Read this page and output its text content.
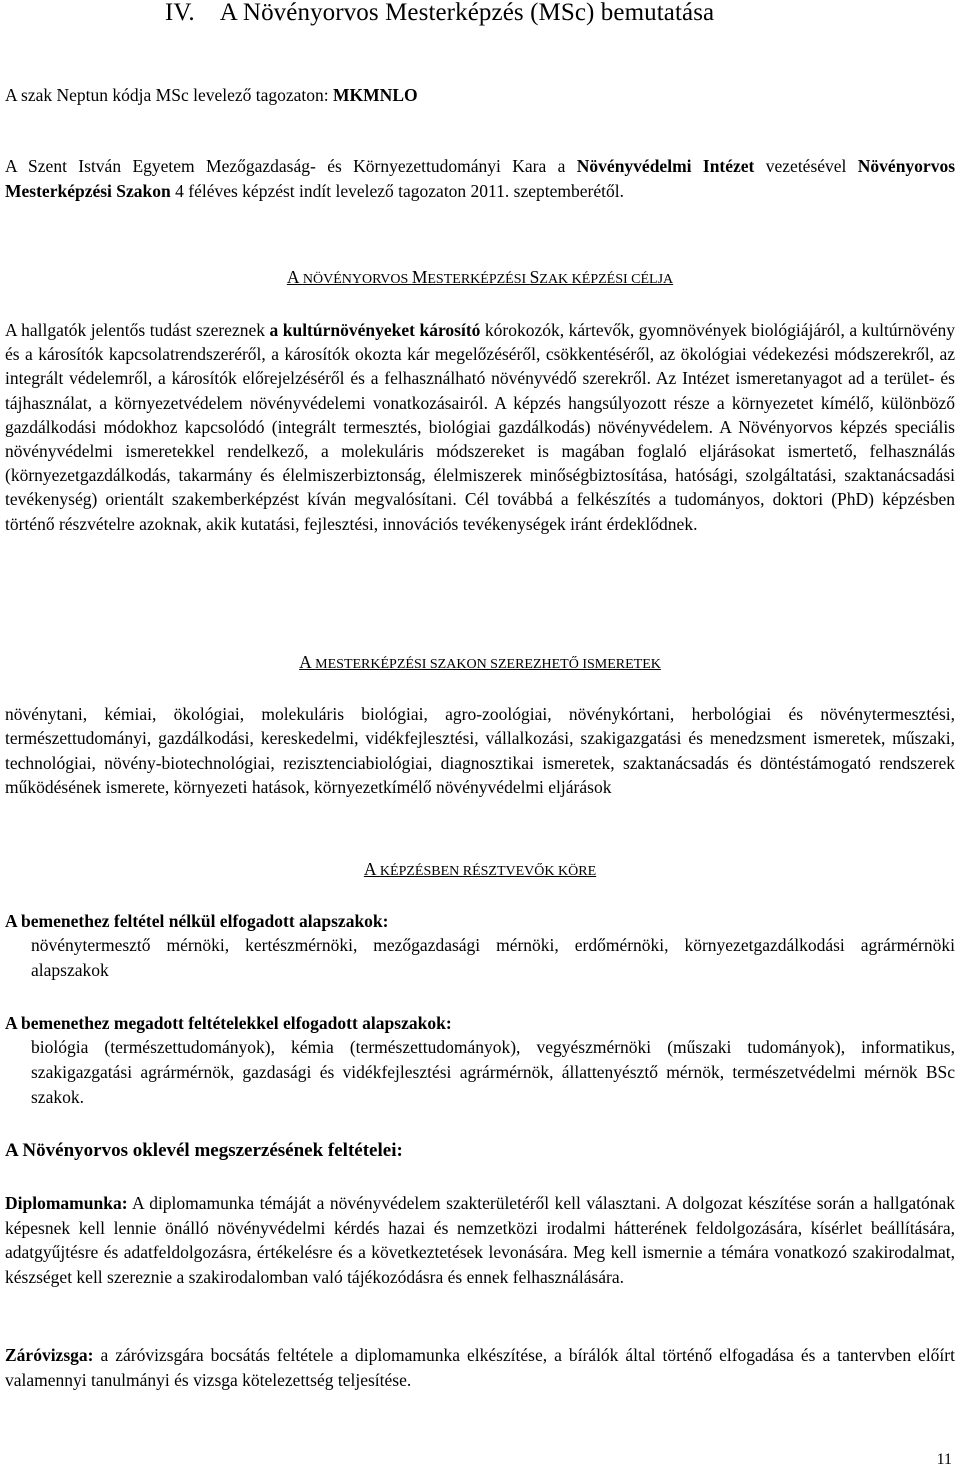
IV. A Növényorvos Mesterképzés (MSc) bemutatása

A szak Neptun kódja MSc levelező tagozaton: MKMNLO

A Szent István Egyetem Mezőgazdaság- és Környezettudományi Kara a Növényvédelmi Intézet vezetésével Növényorvos Mesterképzési Szakon 4 féléves képzést indít levelező tagozaton 2011. szeptemberétől.

A NÖVÉNYORVOS MESTERKÉPZÉSI SZAK KÉPZÉSI CÉLJA

A hallgatók jelentős tudást szereznek a kultúrnövényeket károsító kórokozók, kártevők, gyomnövények biológiájáról, a kultúrnövény és a károsítók kapcsolatrendszeréről, a károsítók okozta kár megelőzéséről, csökkentéséről, az ökológiai védekezési módszerekről, az integrált védelemről, a károsítók előrejelzéséről és a felhasználható növényvédő szerekről. Az Intézet ismeretanyagot ad a terület- és tájhasználat, a környezetvédelem növényvédelemi vonatkozásairól. A képzés hangsúlyozott része a környezetet kímélő, különböző gazdálkodási módokhoz kapcsolódó (integrált termesztés, biológiai gazdálkodás) növényvédelem. A Növényorvos képzés speciális növényvédelmi ismeretekkel rendelkező, a molekuláris módszereket is magában foglaló eljárásokat ismertető, felhasználás (környezetgazdálkodás, takarmány és élelmiszerbiztonság, élelmiszerek minőségbiztosítása, hatósági, szolgáltatási, szaktanácsadási tevékenység) orientált szakemberképzést kíván megvalósítani. Cél továbbá a felkészítés a tudományos, doktori (PhD) képzésben történő részvételre azoknak, akik kutatási, fejlesztési, innovációs tevékenységek iránt érdeklődnek.

A MESTERKÉPZÉSI SZAKON SZEREZHETŐ ISMERETEK

növénytani, kémiai, ökológiai, molekuláris biológiai, agro-zoológiai, növénykórtani, herbológiai és növénytermesztési, természettudományi, gazdálkodási, kereskedelmi, vidékfejlesztési, vállalkozási, szakigazgatási és menedzsment ismeretek, műszaki, technológiai, növény-biotechnológiai, rezisztenciabiológiai, diagnosztikai ismeretek, szaktanácsadás és döntéstámogató rendszerek működésének ismerete, környezeti hatások, környezetkímélő növényvédelmi eljárások

A KÉPZÉSBEN RÉSZTVEVŐK KÖRE

A bemenethez feltétel nélkül elfogadott alapszakok:

növénytermesztő mérnöki, kertészmérnöki, mezőgazdasági mérnöki, erdőmérnöki, környezetgazdálkodási agrármérnöki alapszakok

A bemenethez megadott feltételekkel elfogadott alapszakok:

biológia (természettudományok), kémia (természettudományok), vegyészmérnöki (műszaki tudományok), informatikus, szakigazgatási agrármérnök, gazdasági és vidékfejlesztési agrármérnök, állattenyésztő mérnök, természetvédelmi mérnök BSc szakok.

A Növényorvos oklevél megszerzésének feltételei:

Diplomamunka: A diplomamunka témáját a növényvédelem szakterületéről kell választani. A dolgozat készítése során a hallgatónak képesnek kell lennie önálló növényvédelmi kérdés hazai és nemzetközi irodalmi hátterének feldolgozására, kísérlet beállítására, adatgyűjtésre és adatfeldolgozásra, értékelésre és a következtetések levonására. Meg kell ismernie a témára vonatkozó szakirodalmat, készséget kell szereznie a szakirodalomban való tájékozódásra és ennek felhasználására.

Záróvizsga: a záróvizsgára bocsátás feltétele a diplomamunka elkészítése, a bírálók által történő elfogadása és a tantervben előírt valamennyi tanulmányi és vizsga kötelezettség teljesítése.

11
